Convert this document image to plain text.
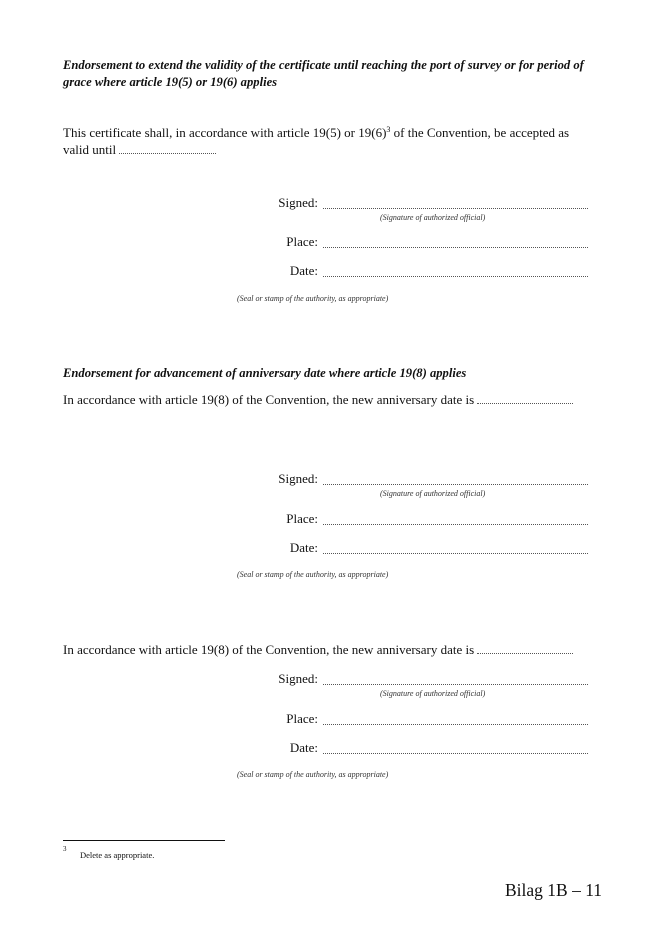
Endorsement to extend the validity of the certificate until reaching the port of survey or for period of grace where article 19(5) or 19(6) applies
This certificate shall, in accordance with article 19(5) or $19(6)^3$ of the Convention, be accepted as valid until
Signed:
(Signature of authorized official)
Place:
Date:
(Seal or stamp of the authority, as appropriate)
Endorsement for advancement of anniversary date where article 19(8) applies
In accordance with article 19(8) of the Convention, the new anniversary date is
Signed:
(Signature of authorized official)
Place:
Date:
(Seal or stamp of the authority, as appropriate)
In accordance with article 19(8) of the Convention, the new anniversary date is
Signed:
(Signature of authorized official)
Place:
Date:
(Seal or stamp of the authority, as appropriate)
3
Delete as appropriate.
Bilag 1B – 11
